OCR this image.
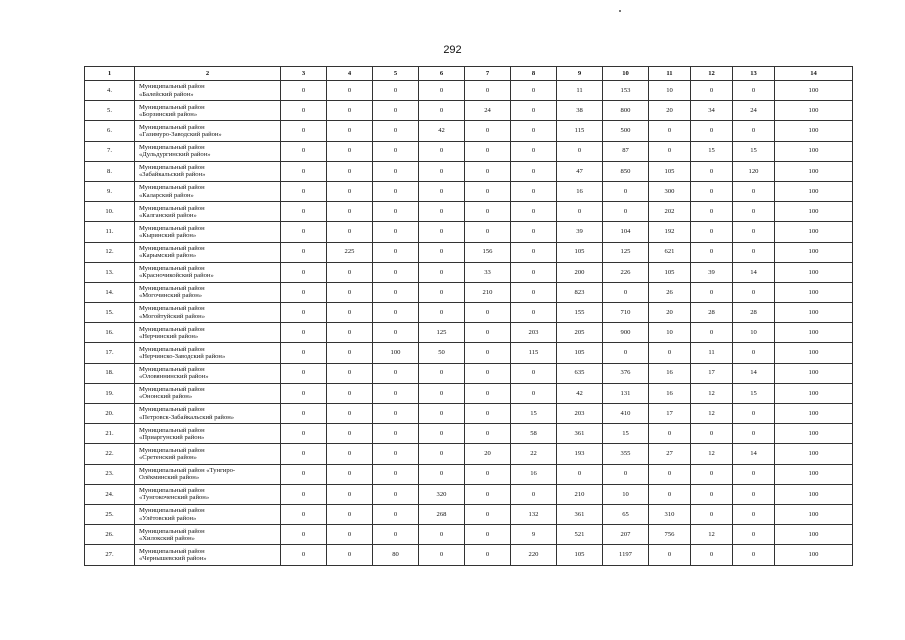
292
1	2	3	4	5	6	7	8	9	10	11	12	13	14
4.	Муниципальный район
«Балейский район»	0	0	0	0	0	0	11	153	10	0	0	100
5.	Муниципальный район
«Борзинский район»	0	0	0	0	24	0	38	800	20	34	24	100
6.	Муниципальный район
«Газимуро-Заводский район»	0	0	0	42	0	0	115	500	0	0	0	100
7.	Муниципальный район
«Дульдургинский район»	0	0	0	0	0	0	0	87	0	15	15	100
8.	Муниципальный район
«Забайкальский район»	0	0	0	0	0	0	47	850	105	0	120	100
9.	Муниципальный район
«Каларский район»	0	0	0	0	0	0	16	0	300	0	0	100
10.	Муниципальный район
«Калганский район»	0	0	0	0	0	0	0	0	202	0	0	100
11.	Муниципальный район
«Кыринский район»	0	0	0	0	0	0	39	104	192	0	0	100
12.	Муниципальный район
«Карымский район»	0	225	0	0	156	0	105	125	621	0	0	100
13.	Муниципальный район
«Красночикойский район»	0	0	0	0	33	0	200	226	105	39	14	100
14.	Муниципальный район
«Могочинский район»	0	0	0	0	210	0	823	0	26	0	0	100
15.	Муниципальный район
«Могойтуйский район»	0	0	0	0	0	0	155	710	20	28	28	100
16.	Муниципальный район
«Нерчинский район»	0	0	0	125	0	203	205	900	10	0	10	100
17.	Муниципальный район
«Нерчинско-Заводский район»	0	0	100	50	0	115	105	0	0	11	0	100
18.	Муниципальный район
«Оловяннинский район»	0	0	0	0	0	0	635	376	16	17	14	100
19.	Муниципальный район
«Ононский район»	0	0	0	0	0	0	42	131	16	12	15	100
20.	Муниципальный район
«Петровск-Забайкальский район»	0	0	0	0	0	15	203	410	17	12	0	100
21.	Муниципальный район
«Приаргунский район»	0	0	0	0	0	58	361	15	0	0	0	100
22.	Муниципальный район
«Сретенский район»	0	0	0	0	20	22	193	355	27	12	14	100
23.	Муниципальный район «Тунгиро-
Олёкминский район»	0	0	0	0	0	16	0	0	0	0	0	100
24.	Муниципальный район
«Тунгокоченский район»	0	0	0	320	0	0	210	10	0	0	0	100
25.	Муниципальный район
«Улётовский район»	0	0	0	268	0	132	361	65	310	0	0	100
26.	Муниципальный район
«Хилокский район»	0	0	0	0	0	9	521	207	756	12	0	100
27.	Муниципальный район
«Чернышевский район»	0	0	80	0	0	220	105	1197	0	0	0	100
